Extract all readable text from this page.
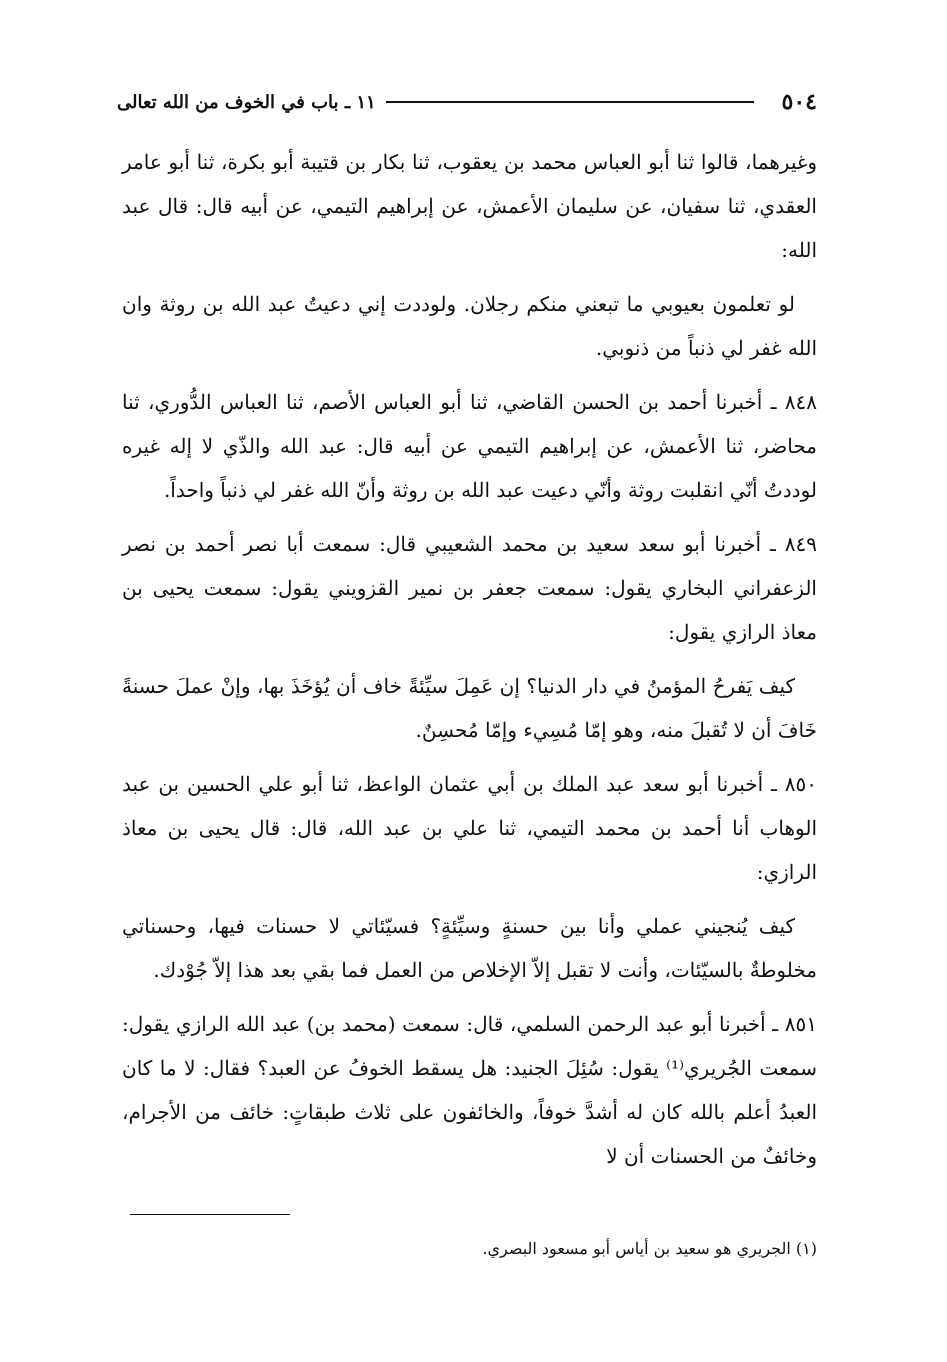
٥٠٤
١١ ـ باب في الخوف من الله تعالى

وغيرهما، قالوا ثنا أبو العباس محمد بن يعقوب، ثنا بكار بن قتيبة أبو بكرة، ثنا أبو عامر العقدي، ثنا سفيان، عن سليمان الأعمش، عن إبراهيم التيمي، عن أبيه قال: قال عبد الله:

لو تعلمون بعيوبي ما تبعني منكم رجلان. ولوددت إني دعيتُ عبد الله بن روثة وان الله غفر لي ذنباً من ذنوبي.

٨٤٨ ـ أخبرنا أحمد بن الحسن القاضي، ثنا أبو العباس الأصم، ثنا العباس الدُّوري، ثنا محاضر، ثنا الأعمش، عن إبراهيم التيمي عن أبيه قال: عبد الله والذّي لا إله غيره لوددتُ أنّي انقلبت روثة وأنّي دعيت عبد الله بن روثة وأنّ الله غفر لي ذنباً واحداً.

٨٤٩ ـ أخبرنا أبو سعد سعيد بن محمد الشعيبي قال: سمعت أبا نصر أحمد بن نصر الزعفراني البخاري يقول: سمعت جعفر بن نمير القزويني يقول: سمعت يحيى بن معاذ الرازي يقول:

كيف يَفرحُ المؤمنُ في دار الدنيا؟ إن عَمِلَ سيِّئةً خاف أن يُؤخَذَ بها، وإنْ عملَ حسنةً خَافَ أن لا تُقبلَ منه، وهو إمّا مُسِيء وإمّا مُحسِنٌ.

٨٥٠ ـ أخبرنا أبو سعد عبد الملك بن أبي عثمان الواعظ، ثنا أبو علي الحسين بن عبد الوهاب أنا أحمد بن محمد التيمي، ثنا علي بن عبد الله، قال: قال يحيى بن معاذ الرازي:

كيف يُنجيني عملي وأنا بين حسنةٍ وسيِّئةٍ؟ فسيّئاتي لا حسنات فيها، وحسناتي مخلوطةٌ بالسيّئات، وأنت لا تقبل إلاّ الإخلاص من العمل فما بقي بعد هذا إلاّ جُوْدك.

٨٥١ ـ أخبرنا أبو عبد الرحمن السلمي، قال: سمعت (محمد بن) عبد الله الرازي يقول: سمعت الجُريري⁽¹⁾ يقول: سُئِلَ الجنيد: هل يسقط الخوفُ عن العبد؟ فقال: لا ما كان العبدُ أعلم بالله كان له أشدَّ خوفاً، والخائفون على ثلاث طبقاتٍ: خائف من الأجرام، وخائفٌ من الحسنات أن لا

(١) الجريري هو سعيد بن أياس أبو مسعود البصري.
